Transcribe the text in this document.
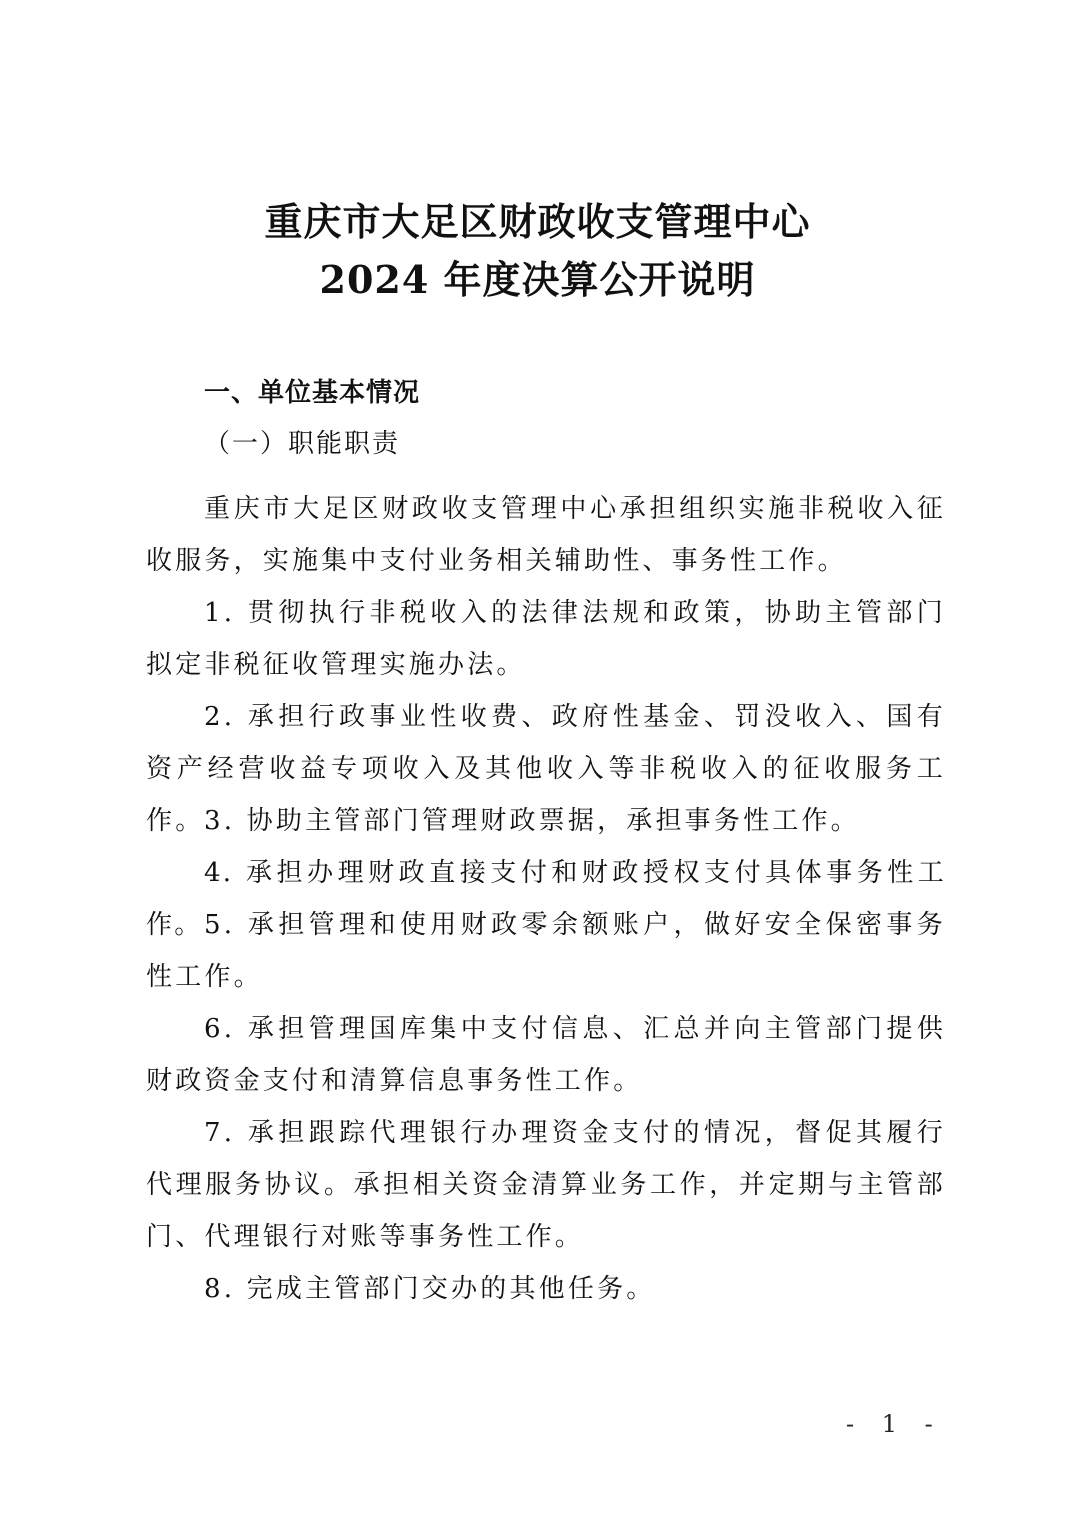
重庆市大足区财政收支管理中心
2024 年度决算公开说明
一、单位基本情况
（一）职能职责
重庆市大足区财政收支管理中心承担组织实施非税收入征收服务，实施集中支付业务相关辅助性、事务性工作。
1. 贯彻执行非税收入的法律法规和政策，协助主管部门拟定非税征收管理实施办法。
2. 承担行政事业性收费、政府性基金、罚没收入、国有资产经营收益专项收入及其他收入等非税收入的征收服务工作。 3. 协助主管部门管理财政票据，承担事务性工作。
4. 承担办理财政直接支付和财政授权支付具体事务性工作。 5. 承担管理和使用财政零余额账户，做好安全保密事务性工作。
6. 承担管理国库集中支付信息、汇总并向主管部门提供财政资金支付和清算信息事务性工作。
7. 承担跟踪代理银行办理资金支付的情况，督促其履行代理服务协议。承担相关资金清算业务工作，并定期与主管部门、代理银行对账等事务性工作。
8. 完成主管部门交办的其他任务。
- 1 -
